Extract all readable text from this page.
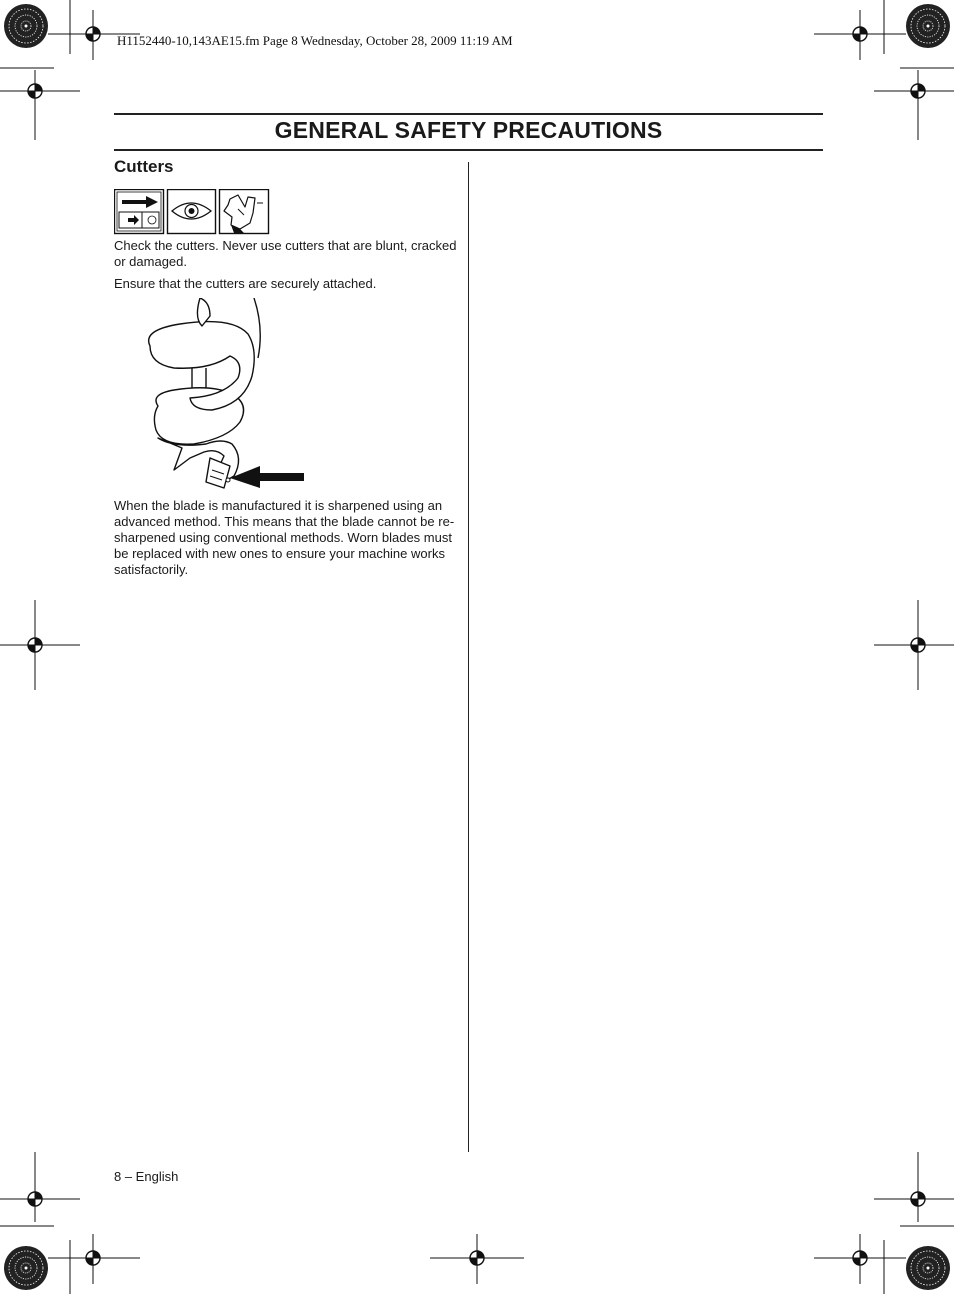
H1152440-10,143AE15.fm Page 8 Wednesday, October 28, 2009 11:19 AM
GENERAL SAFETY PRECAUTIONS
Cutters
Check the cutters. Never use cutters that are blunt, cracked or damaged.
Ensure that the cutters are securely attached.
When the blade is manufactured it is sharpened using an advanced method. This means that the blade cannot be re-sharpened using conventional methods. Worn blades must be replaced with new ones to ensure your machine works satisfactorily.
8 – English
